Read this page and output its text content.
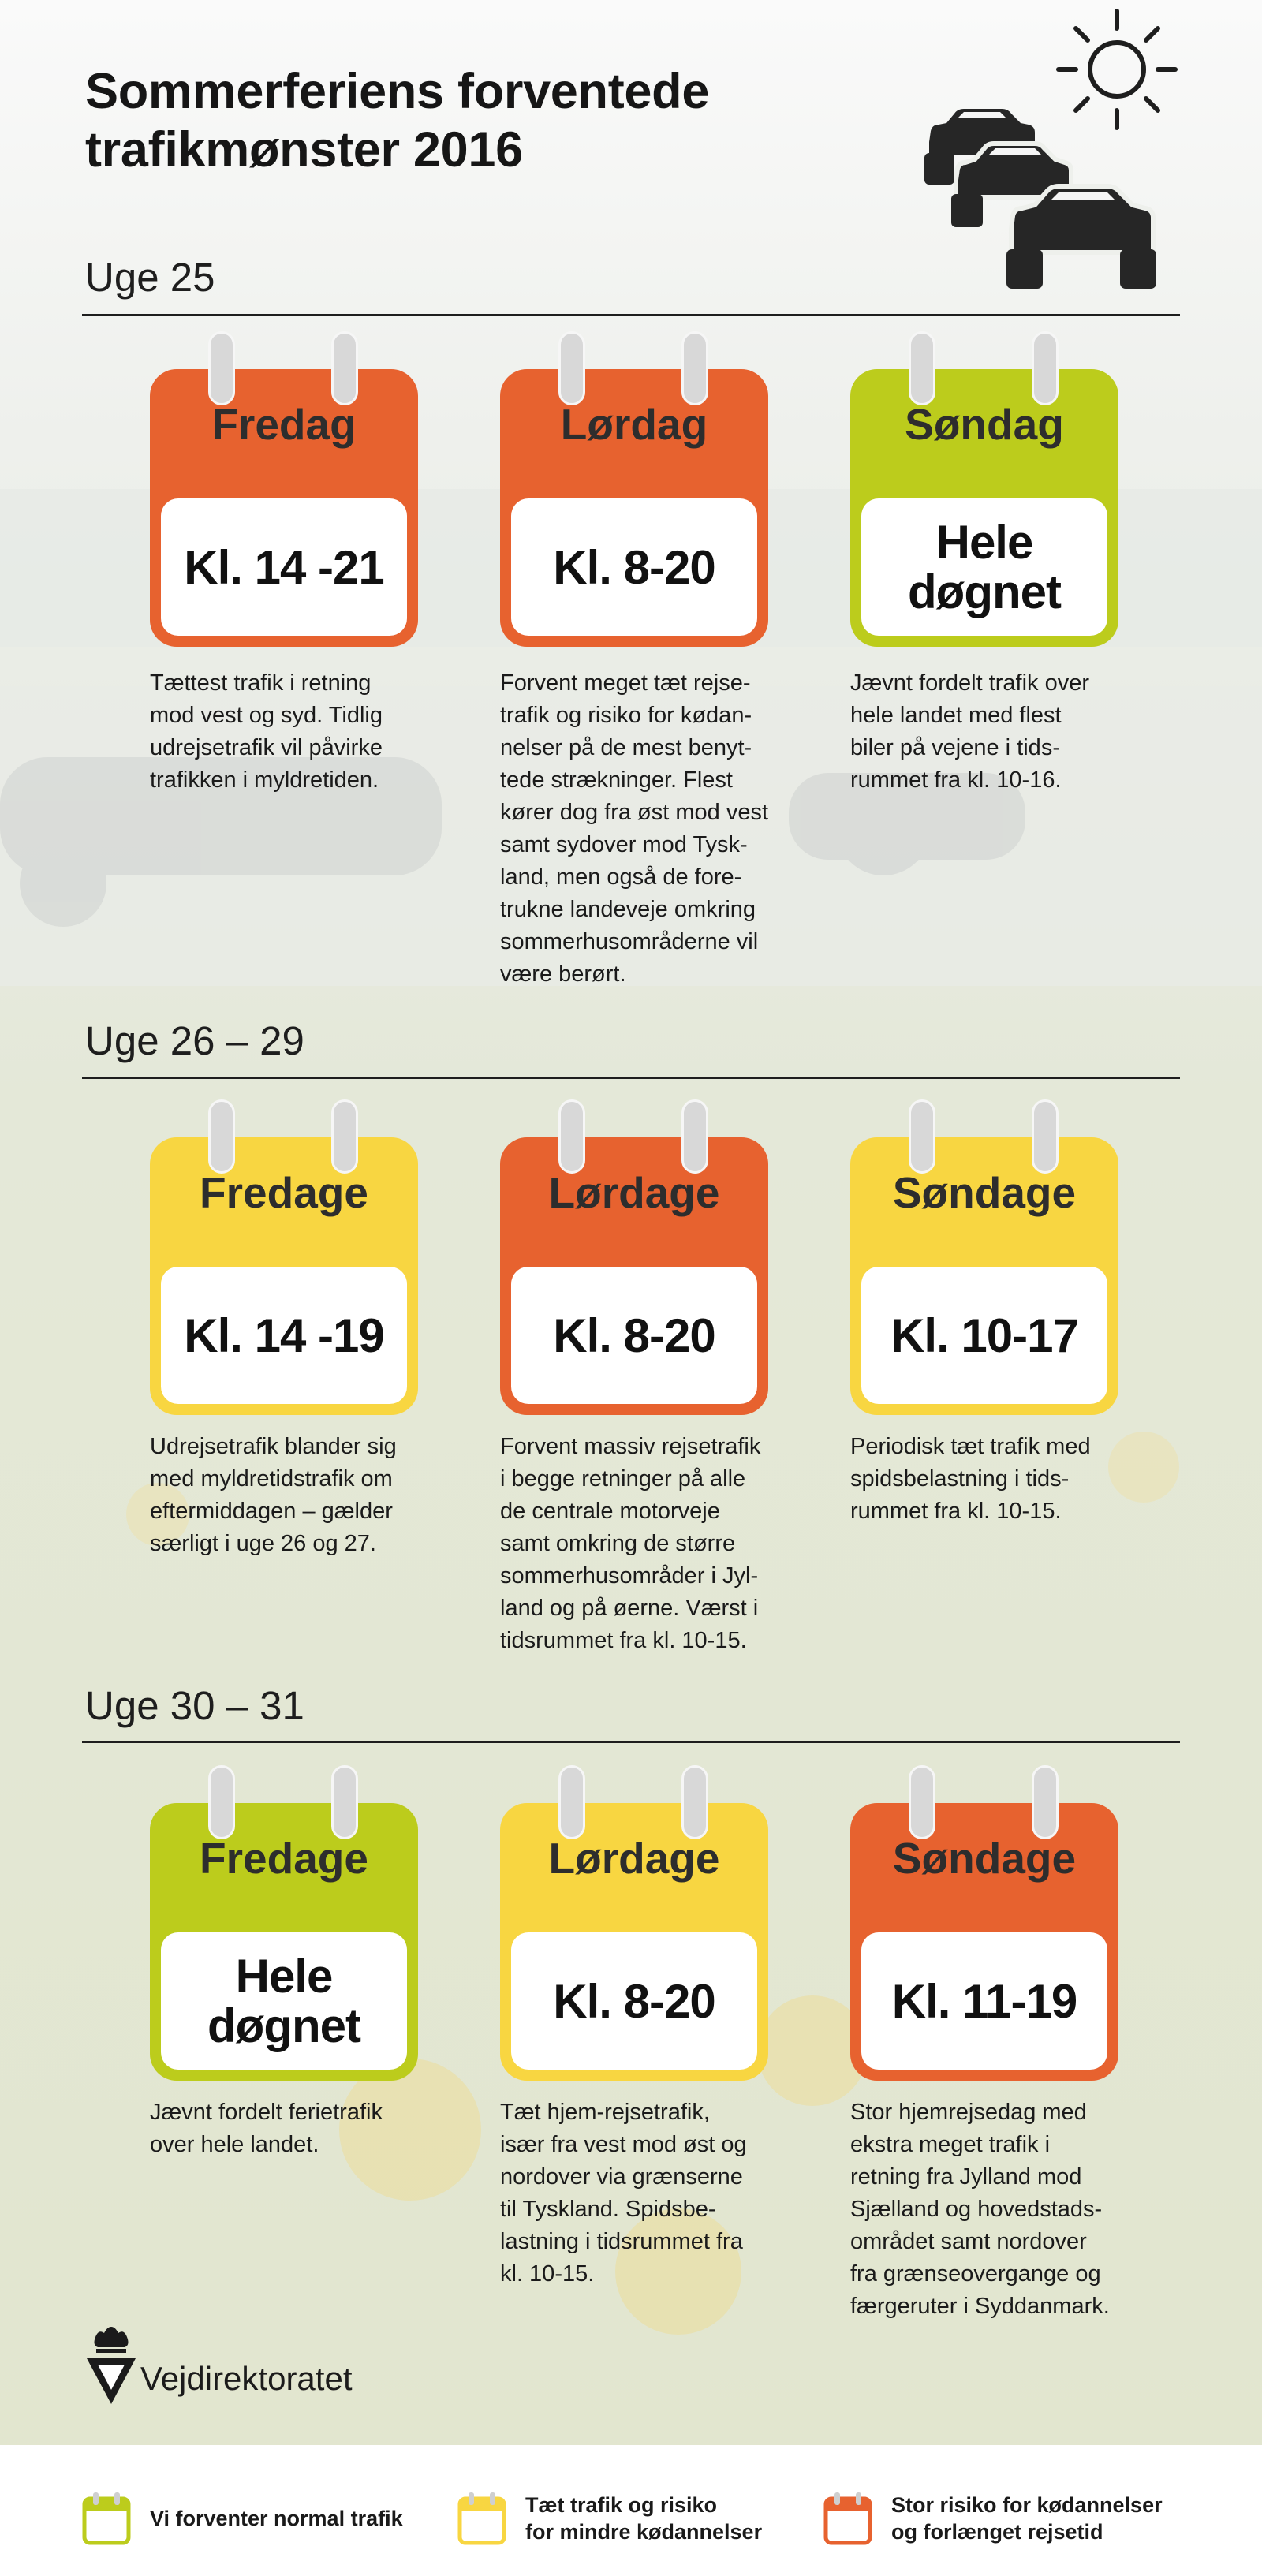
Sommerferiens forventede
trafikmønster 2016
Uge 25
Kl. 14 -21
Fredag
Tættest trafik i retning
mod vest og syd. Tidlig
udrejsetrafik vil påvirke
trafikken i myldretiden.
Kl. 8-20
Lørdag
Forvent meget tæt rejse-
trafik og risiko for kødan-
nelser på de mest benyt-
tede strækninger. Flest
kører dog fra øst mod vest
samt sydover mod Tysk-
land, men også de fore-
trukne landeveje omkring
sommerhusområderne vil
være berørt.
Hele
døgnet
Søndag
Jævnt fordelt trafik over
hele landet med flest
biler på vejene i tids-
rummet fra kl. 10-16.
Uge 26 – 29
Kl. 14 -19
Fredage
Udrejsetrafik blander sig
med myldretidstrafik om
eftermiddagen – gælder
særligt i uge 26 og 27.
Kl. 8-20
Lørdage
Forvent massiv rejsetrafik
i begge retninger på alle
de centrale motorveje
samt omkring de større
sommerhusområder i Jyl-
land og på øerne. Værst i
tidsrummet fra kl. 10-15.
Kl. 10-17
Søndage
Periodisk tæt trafik med
spidsbelastning i tids-
rummet fra kl. 10-15.
Uge 30 – 31
Hele
døgnet
Fredage
Jævnt fordelt ferietrafik
over hele landet.
Kl. 8-20
Lørdage
Tæt hjem-rejsetrafik,
især fra vest mod øst og
nordover via grænserne
til Tyskland. Spidsbe-
lastning i tidsrummet fra
kl. 10-15.
Kl. 11-19
Søndage
Stor hjemrejsedag med
ekstra meget trafik i
retning fra Jylland mod
Sjælland og hovedstads-
området samt nordover
fra grænseovergange og
færgeruter i Syddanmark.
Vejdirektoratet
Vi forventer normal trafik
Tæt trafik og risiko
for mindre kødannelser
Stor risiko for kødannelser
og forlænget rejsetid
